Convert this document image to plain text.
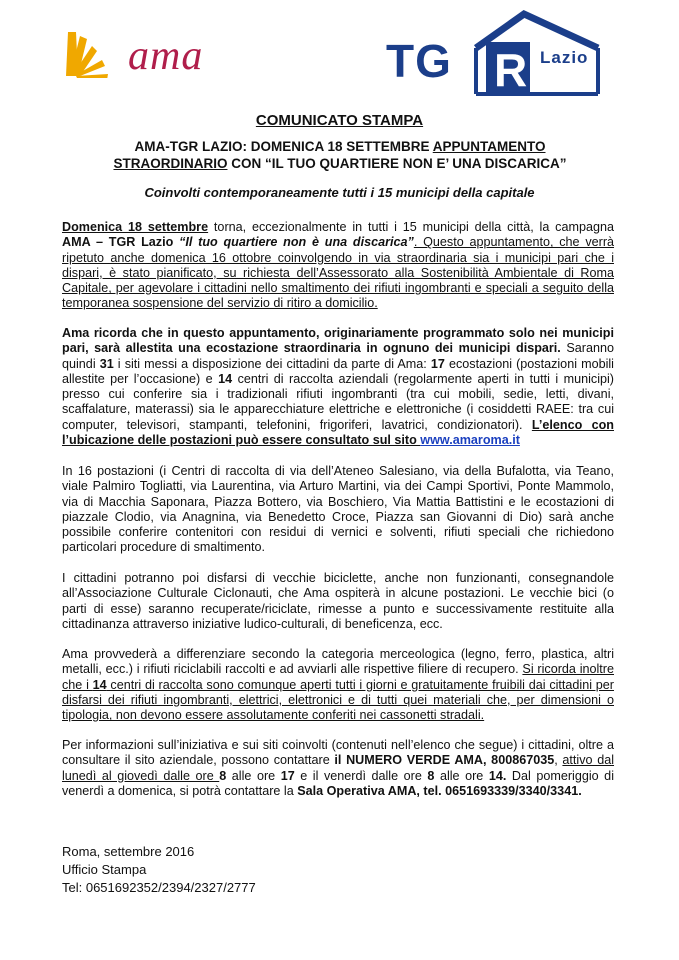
ama	R
TG	Lazio
COMUNICATO STAMPA
AMA-TGR LAZIO: DOMENICA 18 SETTEMBRE APPUNTAMENTO STRAORDINARIO CON “IL TUO QUARTIERE NON E’ UNA DISCARICA”
Coinvolti contemporaneamente tutti i 15 municipi della capitale
Domenica 18 settembre torna, eccezionalmente in tutti i 15 municipi della città, la campagna AMA – TGR Lazio “Il tuo quartiere non è una discarica”. Questo appuntamento, che verrà ripetuto anche domenica 16 ottobre coinvolgendo in via straordinaria sia i municipi pari che i dispari, è stato pianificato, su richiesta dell’Assessorato alla Sostenibilità Ambientale di Roma Capitale, per agevolare i cittadini nello smaltimento dei rifiuti ingombranti e speciali a seguito della temporanea sospensione del servizio di ritiro a domicilio.
Ama ricorda che in questo appuntamento, originariamente programmato solo nei municipi pari, sarà allestita una ecostazione straordinaria in ognuno dei municipi dispari. Saranno quindi 31 i siti messi a disposizione dei cittadini da parte di Ama: 17 ecostazioni (postazioni mobili allestite per l’occasione) e 14 centri di raccolta aziendali (regolarmente aperti in tutti i municipi) presso cui conferire sia i tradizionali rifiuti ingombranti (tra cui mobili, sedie, letti, divani, scaffalature, materassi) sia le apparecchiature elettriche e elettroniche (i cosiddetti RAEE: tra cui computer, televisori, stampanti, telefonini, frigoriferi, lavatrici, condizionatori). L’elenco con l’ubicazione delle postazioni può essere consultato sul sito www.amaroma.it
In 16 postazioni (i Centri di raccolta di via dell’Ateneo Salesiano, via della Bufalotta, via Teano, viale Palmiro Togliatti, via Laurentina, via Arturo Martini, via dei Campi Sportivi, Ponte Mammolo, via di Macchia Saponara, Piazza Bottero, via Boschiero, Via Mattia Battistini e le ecostazioni di piazzale Clodio, via Anagnina, via Benedetto Croce, Piazza san Giovanni di Dio) sarà anche possibile conferire contenitori con residui di vernici e solventi, rifiuti speciali che richiedono particolari procedure di smaltimento.
I cittadini potranno poi disfarsi di vecchie biciclette, anche non funzionanti, consegnandole all’Associazione Culturale Ciclonauti, che Ama ospiterà in alcune postazioni. Le vecchie bici (o parti di esse) saranno recuperate/riciclate, rimesse a punto e successivamente restituite alla cittadinanza attraverso iniziative ludico-culturali, di beneficenza, ecc.
Ama provvederà a differenziare secondo la categoria merceologica (legno, ferro, plastica, altri metalli, ecc.) i rifiuti riciclabili raccolti e ad avviarli alle rispettive filiere di recupero. Si ricorda inoltre che i 14 centri di raccolta sono comunque aperti tutti i giorni e gratuitamente fruibili dai cittadini per disfarsi dei rifiuti ingombranti, elettrici, elettronici e di tutti quei materiali che, per dimensioni o tipologia, non devono essere assolutamente conferiti nei cassonetti stradali.
Per informazioni sull’iniziativa e sui siti coinvolti (contenuti nell’elenco che segue) i cittadini, oltre a consultare il sito aziendale, possono contattare il NUMERO VERDE AMA, 800867035, attivo dal lunedì al giovedì dalle ore 8 alle ore 17 e il venerdì dalle ore 8 alle ore 14. Dal pomeriggio di venerdì a domenica, si potrà contattare la Sala Operativa AMA, tel. 0651693339/3340/3341.
Roma, settembre 2016
Ufficio Stampa
Tel: 0651692352/2394/2327/2777
